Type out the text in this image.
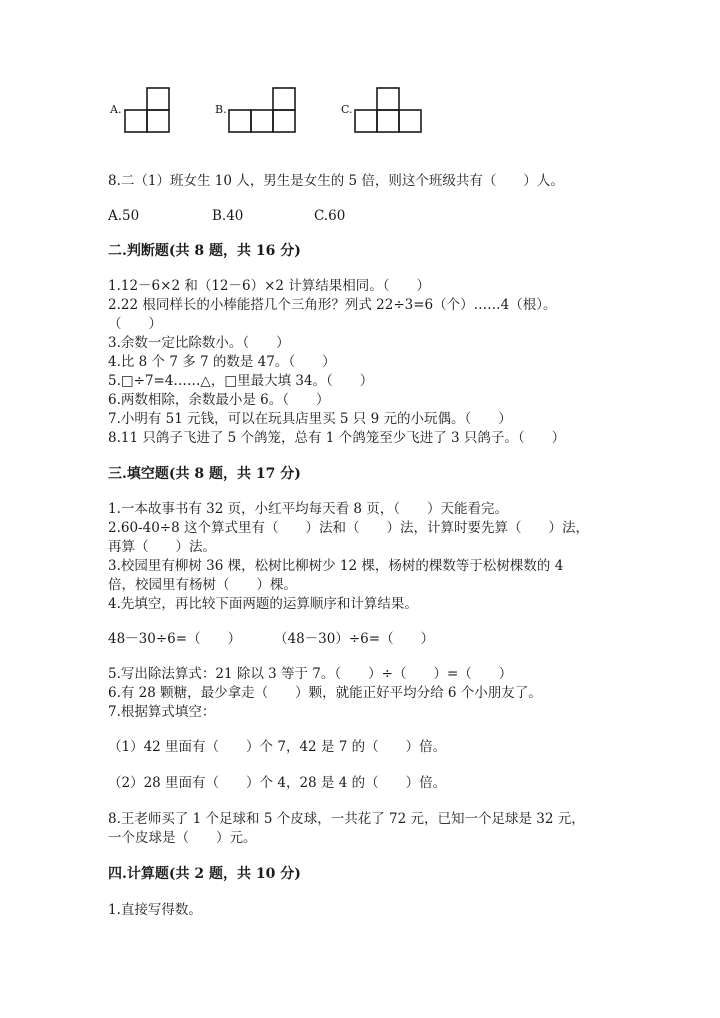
A.	B.	C.
8.二（1）班女生 10 人，男生是女生的 5 倍，则这个班级共有（　　）人。
A.50	B.40	C.60
二.判断题(共 8 题，共 16 分)
1.12－6×2 和（12－6）×2 计算结果相同。（　　）
2.22 根同样长的小棒能搭几个三角形？列式 22÷3=6（个）……4（根）。
（　　）
3.余数一定比除数小。（　　）
4.比 8 个 7 多 7 的数是 47。（　　）
5.□÷7=4……△，□里最大填 34。（　　）
6.两数相除，余数最小是 6。（　　）
7.小明有 51 元钱，可以在玩具店里买 5 只 9 元的小玩偶。（　　）
8.11 只鸽子飞进了 5 个鸽笼，总有 1 个鸽笼至少飞进了 3 只鸽子。（　　）
三.填空题(共 8 题，共 17 分)
1.一本故事书有 32 页，小红平均每天看 8 页，（　　）天能看完。
2.60-40÷8 这个算式里有（　　）法和（　　）法，计算时要先算（　　）法，
再算（　　）法。
3.校园里有柳树 36 棵，松树比柳树少 12 棵，杨树的棵数等于松树棵数的 4
倍，校园里有杨树（　　）棵。
4.先填空，再比较下面两题的运算顺序和计算结果。
48－30÷6=（　　） （48－30）÷6=（　　）
5.写出除法算式：21 除以 3 等于 7。（　　）÷（　　）=（　　）
6.有 28 颗糖，最少拿走（　　）颗，就能正好平均分给 6 个小朋友了。
7.根据算式填空：
（1）42 里面有（　　）个 7，42 是 7 的（　　）倍。
（2）28 里面有（　　）个 4，28 是 4 的（　　）倍。
8.王老师买了 1 个足球和 5 个皮球，一共花了 72 元，已知一个足球是 32 元，
一个皮球是（　　）元。
四.计算题(共 2 题，共 10 分)
1.直接写得数。
